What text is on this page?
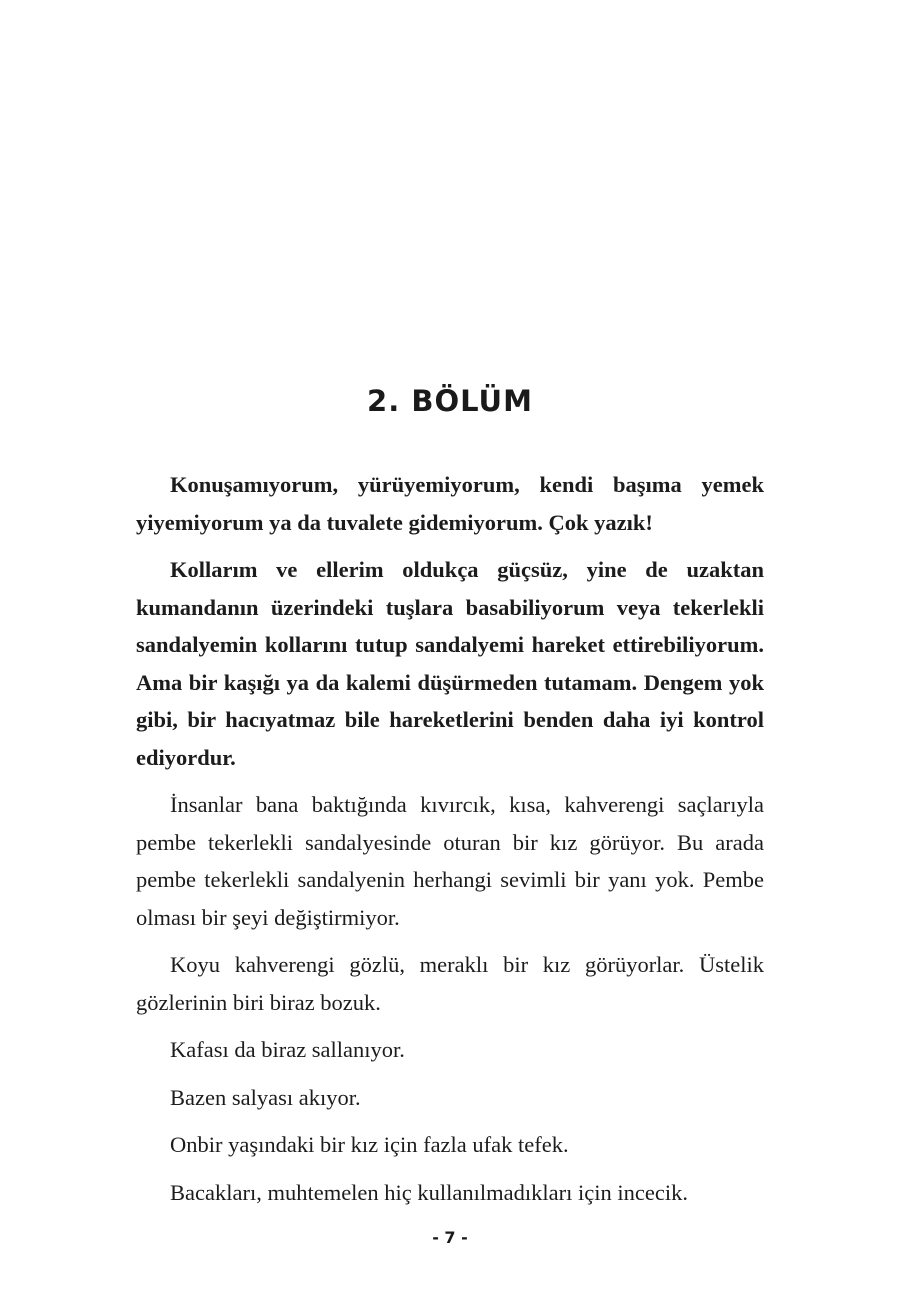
2. BÖLÜM

Konuşamıyorum, yürüyemiyorum, kendi başıma yemek yiyemiyorum ya da tuvalete gidemiyorum. Çok yazık!

Kollarım ve ellerim oldukça güçsüz, yine de uzaktan kumandanın üzerindeki tuşlara basabiliyorum veya tekerlekli sandalyemin kollarını tutup sandalyemi hareket ettirebiliyorum. Ama bir kaşığı ya da kalemi düşürmeden tutamam. Dengem yok gibi, bir hacıyatmaz bile hareketlerini benden daha iyi kontrol ediyordur.

İnsanlar bana baktığında kıvırcık, kısa, kahverengi saçlarıyla pembe tekerlekli sandalyesinde oturan bir kız görüyor. Bu arada pembe tekerlekli sandalyenin herhangi sevimli bir yanı yok. Pembe olması bir şeyi değiştirmiyor.

Koyu kahverengi gözlü, meraklı bir kız görüyorlar. Üstelik gözlerinin biri biraz bozuk.

Kafası da biraz sallanıyor.

Bazen salyası akıyor.

Onbir yaşındaki bir kız için fazla ufak tefek.

Bacakları, muhtemelen hiç kullanılmadıkları için incecik.

- 7 -
